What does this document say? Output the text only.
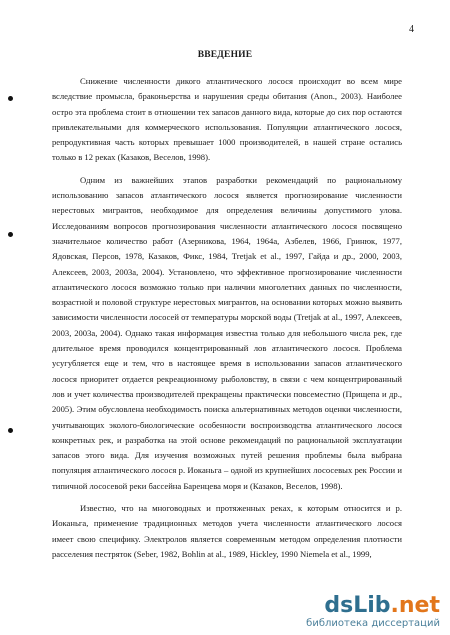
4
ВВЕДЕНИЕ

Снижение численности дикого атлантического лосося происходит во всем мире вследствие промысла, браконьерства и нарушения среды обитания (Anon., 2003). Наиболее остро эта проблема стоит в отношении тех запасов данного вида, которые до сих пор остаются привлекательными для коммерческого использования. Популяции атлантического лосося, репродуктивная часть которых превышает 1000 производителей, в нашей стране остались только в 12 реках (Казаков, Веселов, 1998).

Одним из важнейших этапов разработки рекомендаций по рациональному использованию запасов атлантического лосося является прогнозирование численности нерестовых мигрантов, необходимое для определения величины допустимого улова. Исследованиям вопросов прогнозирования численности атлантического лосося посвящено значительное количество работ (Азерникова, 1964, 1964а, Азбелев, 1966, Гринюк, 1977, Ядовская, Персов, 1978, Казаков, Фикс, 1984, Tretjak et al., 1997, Гайда и др., 2000, 2003, Алексеев, 2003, 2003а, 2004). Установлено, что эффективное прогнозирование численности атлантического лосося возможно только при наличии многолетних данных по численности, возрастной и половой структуре нерестовых мигрантов, на основании которых можно выявить зависимости численности лососей от температуры морской воды (Tretjak at al., 1997, Алексеев, 2003, 2003а, 2004). Однако такая информация известна только для небольшого числа рек, где длительное время проводился концентрированный лов атлантического лосося. Проблема усугубляется еще и тем, что в настоящее время в использовании запасов атлантического лосося приоритет отдается рекреационному рыболовству, в связи с чем концентрированный лов и учет количества производителей прекращены практически повсеместно (Прищепа и др., 2005). Этим обусловлена необходимость поиска альтернативных методов оценки численности, учитывающих эколого-биологические особенности воспроизводства атлантического лосося конкретных рек, и разработка на этой основе рекомендаций по рациональной эксплуатации запасов этого вида. Для изучения возможных путей решения проблемы была выбрана популяция атлантического лосося р. Иоканьга – одной из крупнейших лососевых рек России и типичной лососевой реки бассейна Баренцева моря и (Казаков, Веселов, 1998).

Известно, что на многоводных и протяженных реках, к которым относится и р. Иоканьга, применение традиционных методов учета численности атлантического лосося имеет свою специфику. Электролов является современным методом определения плотности расселения пестряток (Seber, 1982, Bohlin at al., 1989, Hickley, 1990 Niemela et al., 1999,

dsLib.net
библиотека диссертаций
